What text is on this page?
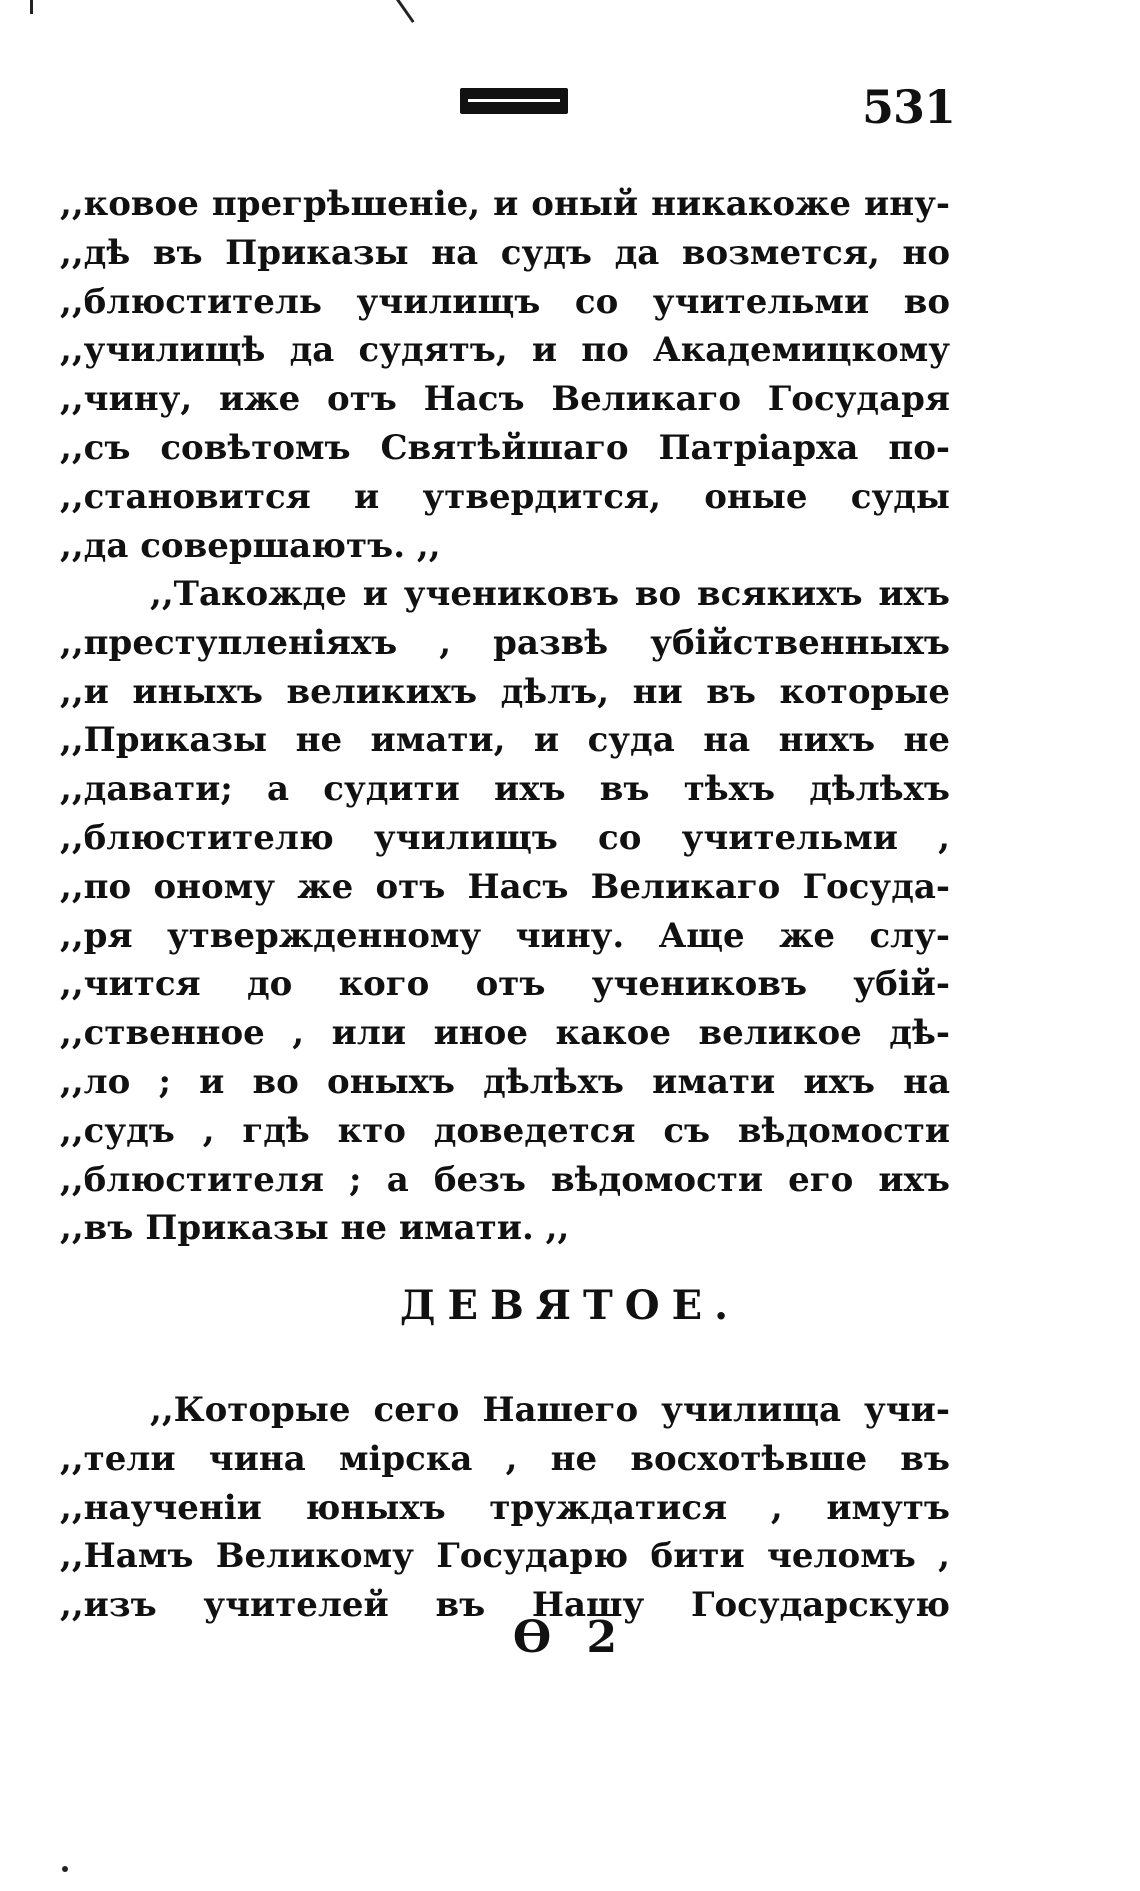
531
,,ковое прегрѣшеніе, и оный никакоже ину-
,,дѣ въ Приказы на судъ да возмется, но
,,блюститель училищъ со учительми во
,,училищѣ да судятъ, и по Академицкому
,,чину, иже отъ Насъ Великаго Государя
,,съ совѣтомъ Святѣйшаго Патріарха по-
,,становится и утвердится, оные суды
,,да совершаютъ. ,,
,,Такожде и учениковъ во всякихъ ихъ
,,преступленіяхъ , развѣ убійственныхъ
,,и иныхъ великихъ дѣлъ, ни въ которые
,,Приказы не имати, и суда на нихъ не
,,давати; а судити ихъ въ тѣхъ дѣлѣхъ
,,блюстителю училищъ со учительми ,
,,по оному же отъ Насъ Великаго Госуда-
,,ря утвержденному чину. Аще же слу-
,,чится до кого отъ учениковъ убій-
,,ственное , или иное какое великое дѣ-
,,ло ; и во оныхъ дѣлѣхъ имати ихъ на
,,судъ , гдѣ кто доведется съ вѣдомости
,,блюстителя ; а безъ вѣдомости его ихъ
,,въ Приказы не имати. ,,
ДЕВЯТОЕ.
,,Которые сего Нашего училища учи-
,,тели чина мірска , не восхотѣвше въ
,,наученіи юныхъ труждатися , имутъ
,,Намъ Великому Государю бити челомъ ,
,,изъ учителей въ Нашу Государскую
Ѳ 2
